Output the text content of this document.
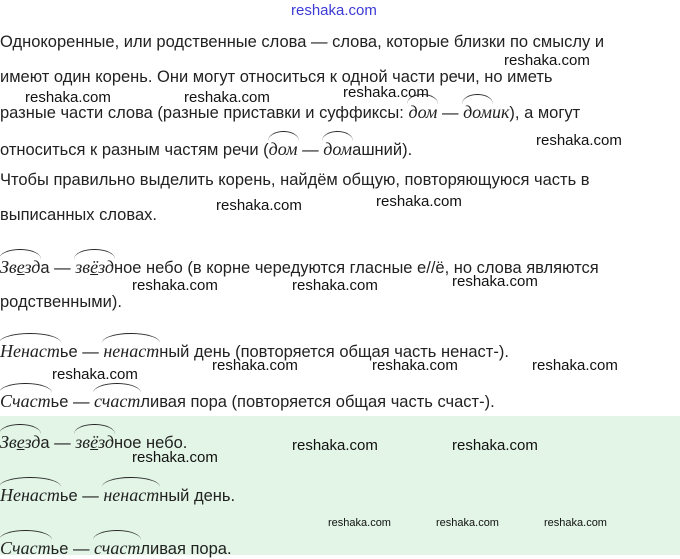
reshaka.com
Однокоренные, или родственные слова — слова, которые близки по смыслу и
имеют один корень. Они могут относиться к одной части речи, но иметь
разные части слова (разные приставки и суффиксы: дом — домик), а могут
относиться к разным частям речи (дом — домашний).
Чтобы правильно выделить корень, найдём общую, повторяющуюся часть в
выписанных словах.
Звезда — звёздное небо (в корне чередуются гласные е//ё, но слова являются
родственными).
Ненастье — ненастный день (повторяется общая часть ненаст-).
Счастье — счастливая пора (повторяется общая часть счаст-).
Звезда — звёздное небо.
Ненастье — ненастный день.
Счастье — счастливая пора.
reshaka.com
reshaka.com
reshaka.com	reshaka.com
reshaka.com
reshaka.com	reshaka.com
reshaka.com
reshaka.com	reshaka.com
reshaka.com	reshaka.com	reshaka.com
reshaka.com
reshaka.com	reshaka.com
reshaka.com
reshaka.com	reshaka.com	reshaka.com
